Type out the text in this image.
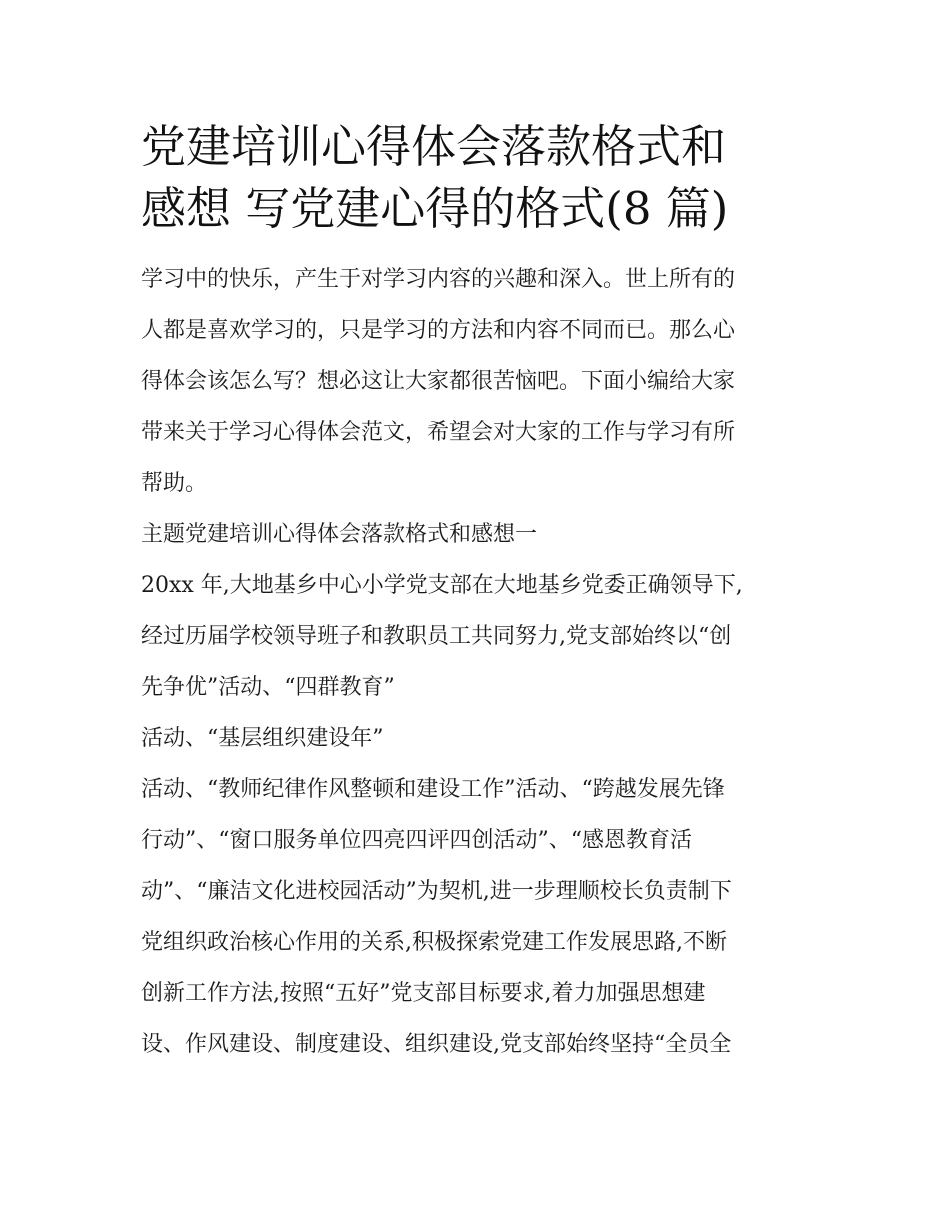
党建培训心得体会落款格式和
感想 写党建心得的格式(8 篇)

学习中的快乐，产生于对学习内容的兴趣和深入。世上所有的

人都是喜欢学习的，只是学习的方法和内容不同而已。那么心

得体会该怎么写？想必这让大家都很苦恼吧。下面小编给大家

带来关于学习心得体会范文，希望会对大家的工作与学习有所

帮助。

主题党建培训心得体会落款格式和感想一

20xx 年,大地基乡中心小学党支部在大地基乡党委正确领导下,

经过历届学校领导班子和教职员工共同努力,党支部始终以“创

先争优”活动、“四群教育”

活动、“基层组织建设年”

活动、“教师纪律作风整顿和建设工作”活动、“跨越发展先锋

行动”、“窗口服务单位四亮四评四创活动”、“感恩教育活

动”、“廉洁文化进校园活动”为契机,进一步理顺校长负责制下

党组织政治核心作用的关系,积极探索党建工作发展思路,不断

创新工作方法,按照“五好”党支部目标要求,着力加强思想建

设、作风建设、制度建设、组织建设,党支部始终坚持“全员全
